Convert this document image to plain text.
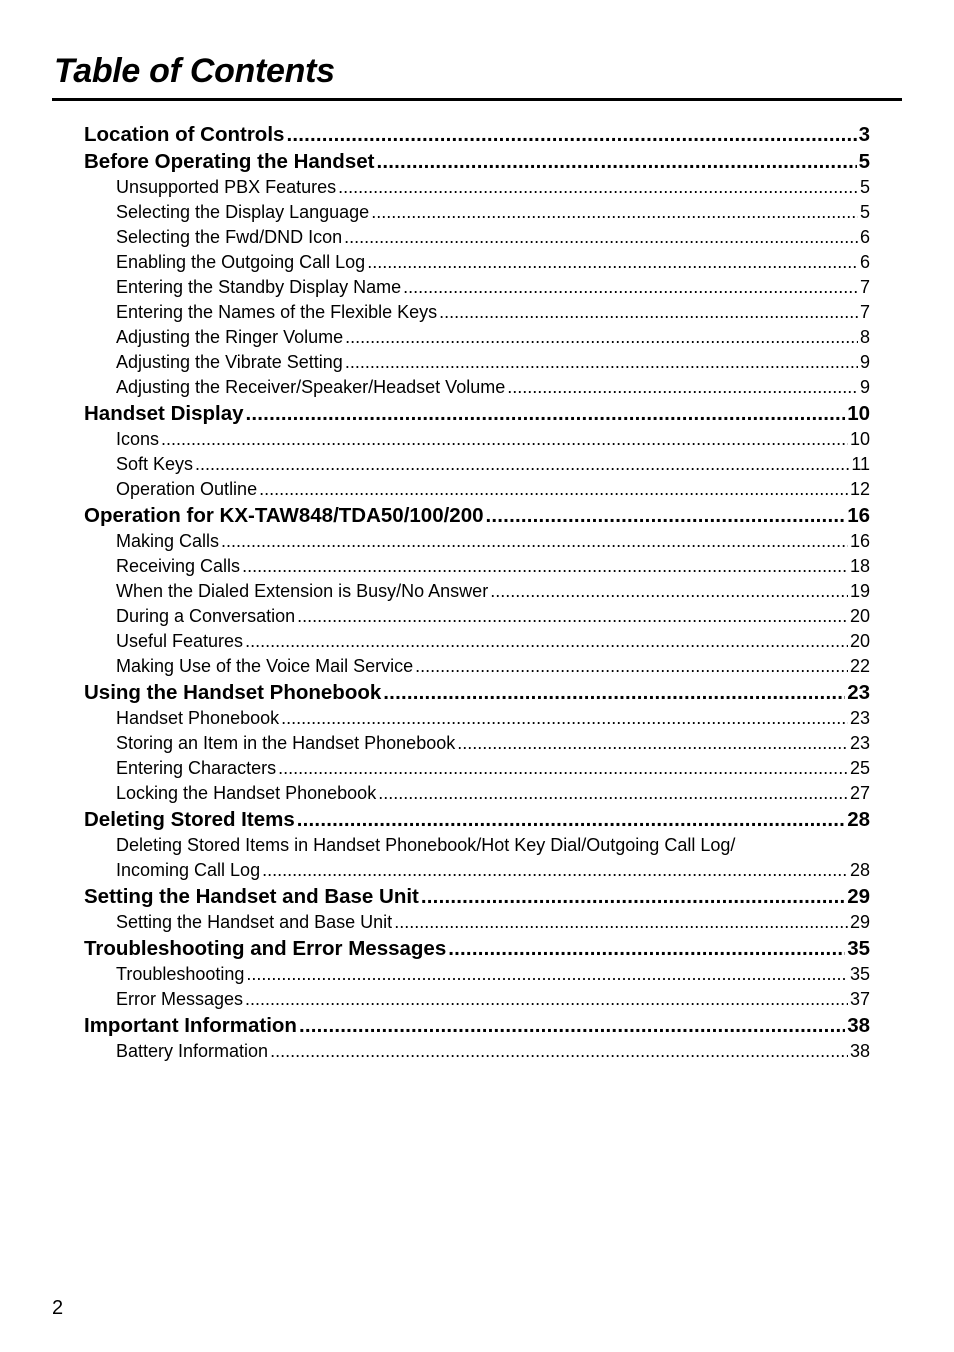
Table of Contents
Location of Controls .....	3
Before Operating the Handset .....	5
Unsupported PBX Features .....	5
Selecting the Display Language .....	5
Selecting the Fwd/DND Icon .....	6
Enabling the Outgoing Call Log .....	6
Entering the Standby Display Name .....	7
Entering the Names of the Flexible Keys .....	7
Adjusting the Ringer Volume .....	8
Adjusting the Vibrate Setting .....	9
Adjusting the Receiver/Speaker/Headset Volume .....	9
Handset Display .....	10
Icons .....	10
Soft Keys .....	11
Operation Outline .....	12
Operation for KX-TAW848/TDA50/100/200 .....	16
Making Calls .....	16
Receiving Calls .....	18
When the Dialed Extension is Busy/No Answer .....	19
During a Conversation .....	20
Useful Features .....	20
Making Use of the Voice Mail Service .....	22
Using the Handset Phonebook .....	23
Handset Phonebook .....	23
Storing an Item in the Handset Phonebook .....	23
Entering Characters .....	25
Locking the Handset Phonebook .....	27
Deleting Stored Items .....	28
Deleting Stored Items in Handset Phonebook/Hot Key Dial/Outgoing Call Log/
Incoming Call Log .....	28
Setting the Handset and Base Unit .....	29
Setting the Handset and Base Unit .....	29
Troubleshooting and Error Messages .....	35
Troubleshooting .....	35
Error Messages .....	37
Important Information .....	38
Battery Information .....	38
2
